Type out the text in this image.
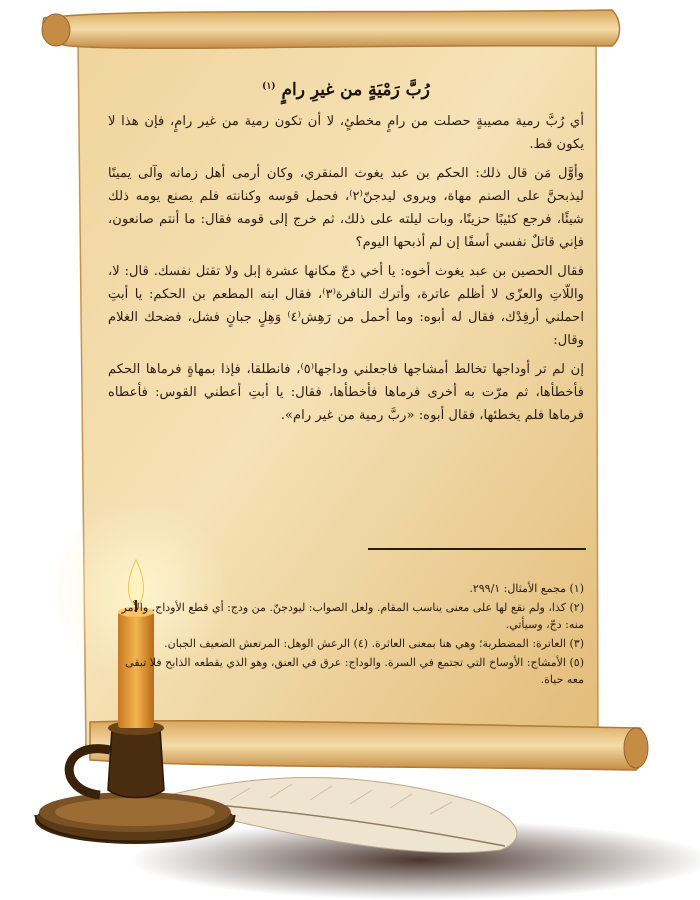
رُبَّ رَمْيَةٍ من غيرِ رامٍ $^{(١)}$

أي رُبَّ رمية مصيبةٍ حصلت من رامٍ مخطئٍ، لا أن تكون رمية من غير رامٍ، فإن هذا لا يكون قط.

وأوَّل مَن قال ذلك: الحكم بن عبد يغوث المنقري، وكان أرمى أهل زمانه وآلى يمينًا ليذبحنَّ على الصنم مهاة، ويروى ليدجنّ⁽٢⁾، فحمل قوسه وكنانته فلم يصنع يومه ذلك شيئًا، فرجع كئيبًا حزينًا، وبات ليلته على ذلك، ثم خرج إلى قومه فقال: ما أنتم صانعون، فإني قاتلٌ نفسي أسفًا إن لم أذبحها اليوم؟

فقال الحصين بن عبد يغوث أخوه: يا أخي دجّ مكانها عشرة إبل ولا تقتل نفسك. قال: لا، واللّاتِ والعزّى لا أظلم عاترة، وأترك النافرة⁽٣⁾، فقال ابنه المطعم بن الحكم: يا أبتِ احملني أرفِدْك، فقال له أبوه: وما أحمل من رَهِش⁽٤⁾ وَهِلٍ جبانٍ فشل، فضحك الغلام وقال:

إن لم تر أوداجها تخالط أمشاجها فاجعلني وداجها⁽٥⁾، فانطلقا، فإذا بمهاةٍ فرماها الحكم فأخطأها، ثم مرّت به أخرى فرماها فأخطأها، فقال: يا أبتِ أعطني القوس: فأعطاه فرماها فلم يخطئها، فقال أبوه: «ربَّ رمية من غير رام».

(١) مجمع الأمثال: ٢٩٩/١.

(٢) كذا، ولم نقع لها على معنى يناسب المقام. ولعل الصواب: ليودجنّ. من ودج: أي قطع الأوداج. والأمر منه: دجّ، وسيأتي.

(٣) العاترة: المضطربة؛ وهي هنا بمعنى العاثرة. (٤) الرعش الوهل: المرتعش الضعيف الجبان.

(٥) الأمشاج: الأوساخ التي تجتمع في السرة. والوداج: عرق في العنق، وهو الذي يقطعه الذابح فلا تبقى معه حياة.
